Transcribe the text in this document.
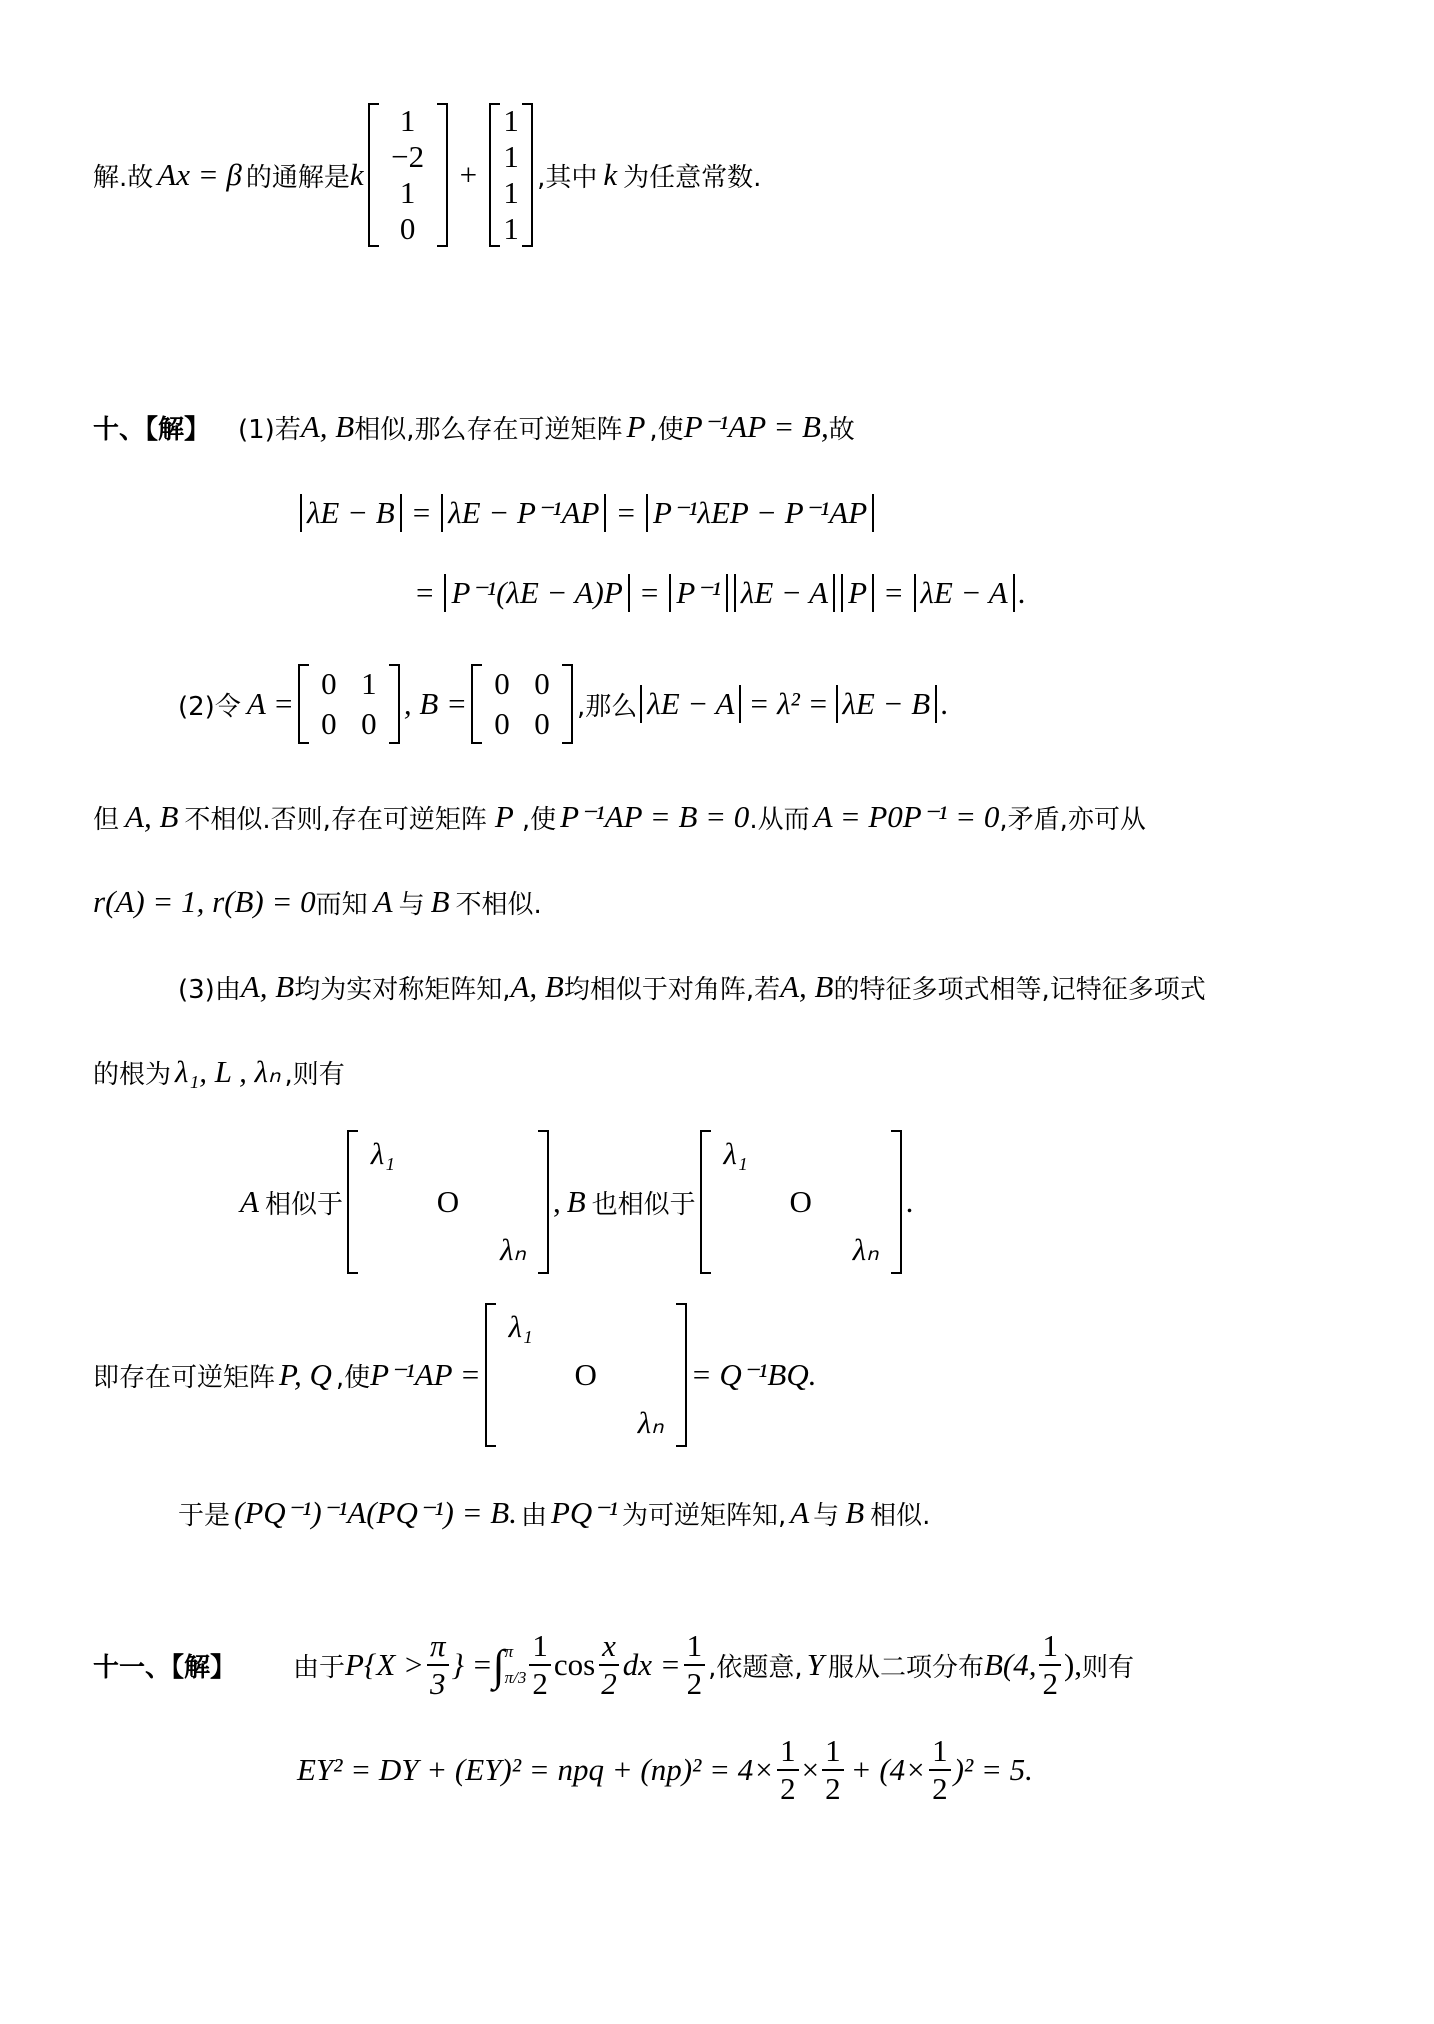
解.故 Ax = β 的通解是 k
1
−2
1
0
+
1
1
1
1
,其中 k 为任意常数.
十、【解】	(1)若 A, B 相似,那么存在可逆矩阵 P ,使 P⁻¹AP = B, 故
λE − B = λE − P⁻¹AP = P⁻¹λEP − P⁻¹AP
= P⁻¹(λE − A)P = P⁻¹ λE − A P = λE − A .
(2)令 A =
0 1
0 0
, B =
0 0
0 0	,那么 λE − A = λ² = λE − B .
但 A, B 不相似.否则,存在可逆矩阵 P ,使 P⁻¹AP = B = 0 .从而 A = P0P⁻¹ = 0 ,矛盾,亦可从
r(A) = 1, r(B) = 0 而知 A 与 B 不相似.
(3)由 A, B 均为实对称矩阵知, A, B 均相似于对角阵,若 A, B 的特征多项式相等,记特征多项式
的根为 λ₁, L , λₙ ,则有
A 相似于
λ₁
O
λₙ
, B 也相似于
λ₁
O
λₙ
.
即存在可逆矩阵 P, Q ,使 P⁻¹AP =
λ₁
O
λₙ
= Q⁻¹BQ.
于是 (PQ⁻¹)⁻¹A(PQ⁻¹) = B. 由 PQ⁻¹ 为可逆矩阵知, A 与 B 相似.
十一、【解】	由于 $P\{X > \frac{\pi}{3}$ } = ∫ π
$\pi/3 \frac{1}{2}$ $\cos \frac{x}{2}$ dx = $\frac{1}{2}$ ,依题意, Y 服从二项分布 B(4, $\frac{1}{2}$ ), 则有
EY² = DY + (EY)² = npq + $(np)^2 = 4\times \frac{1}{2} \times \frac{1}{2} + (4\times \frac{1}{2} )^2 = 5$.
